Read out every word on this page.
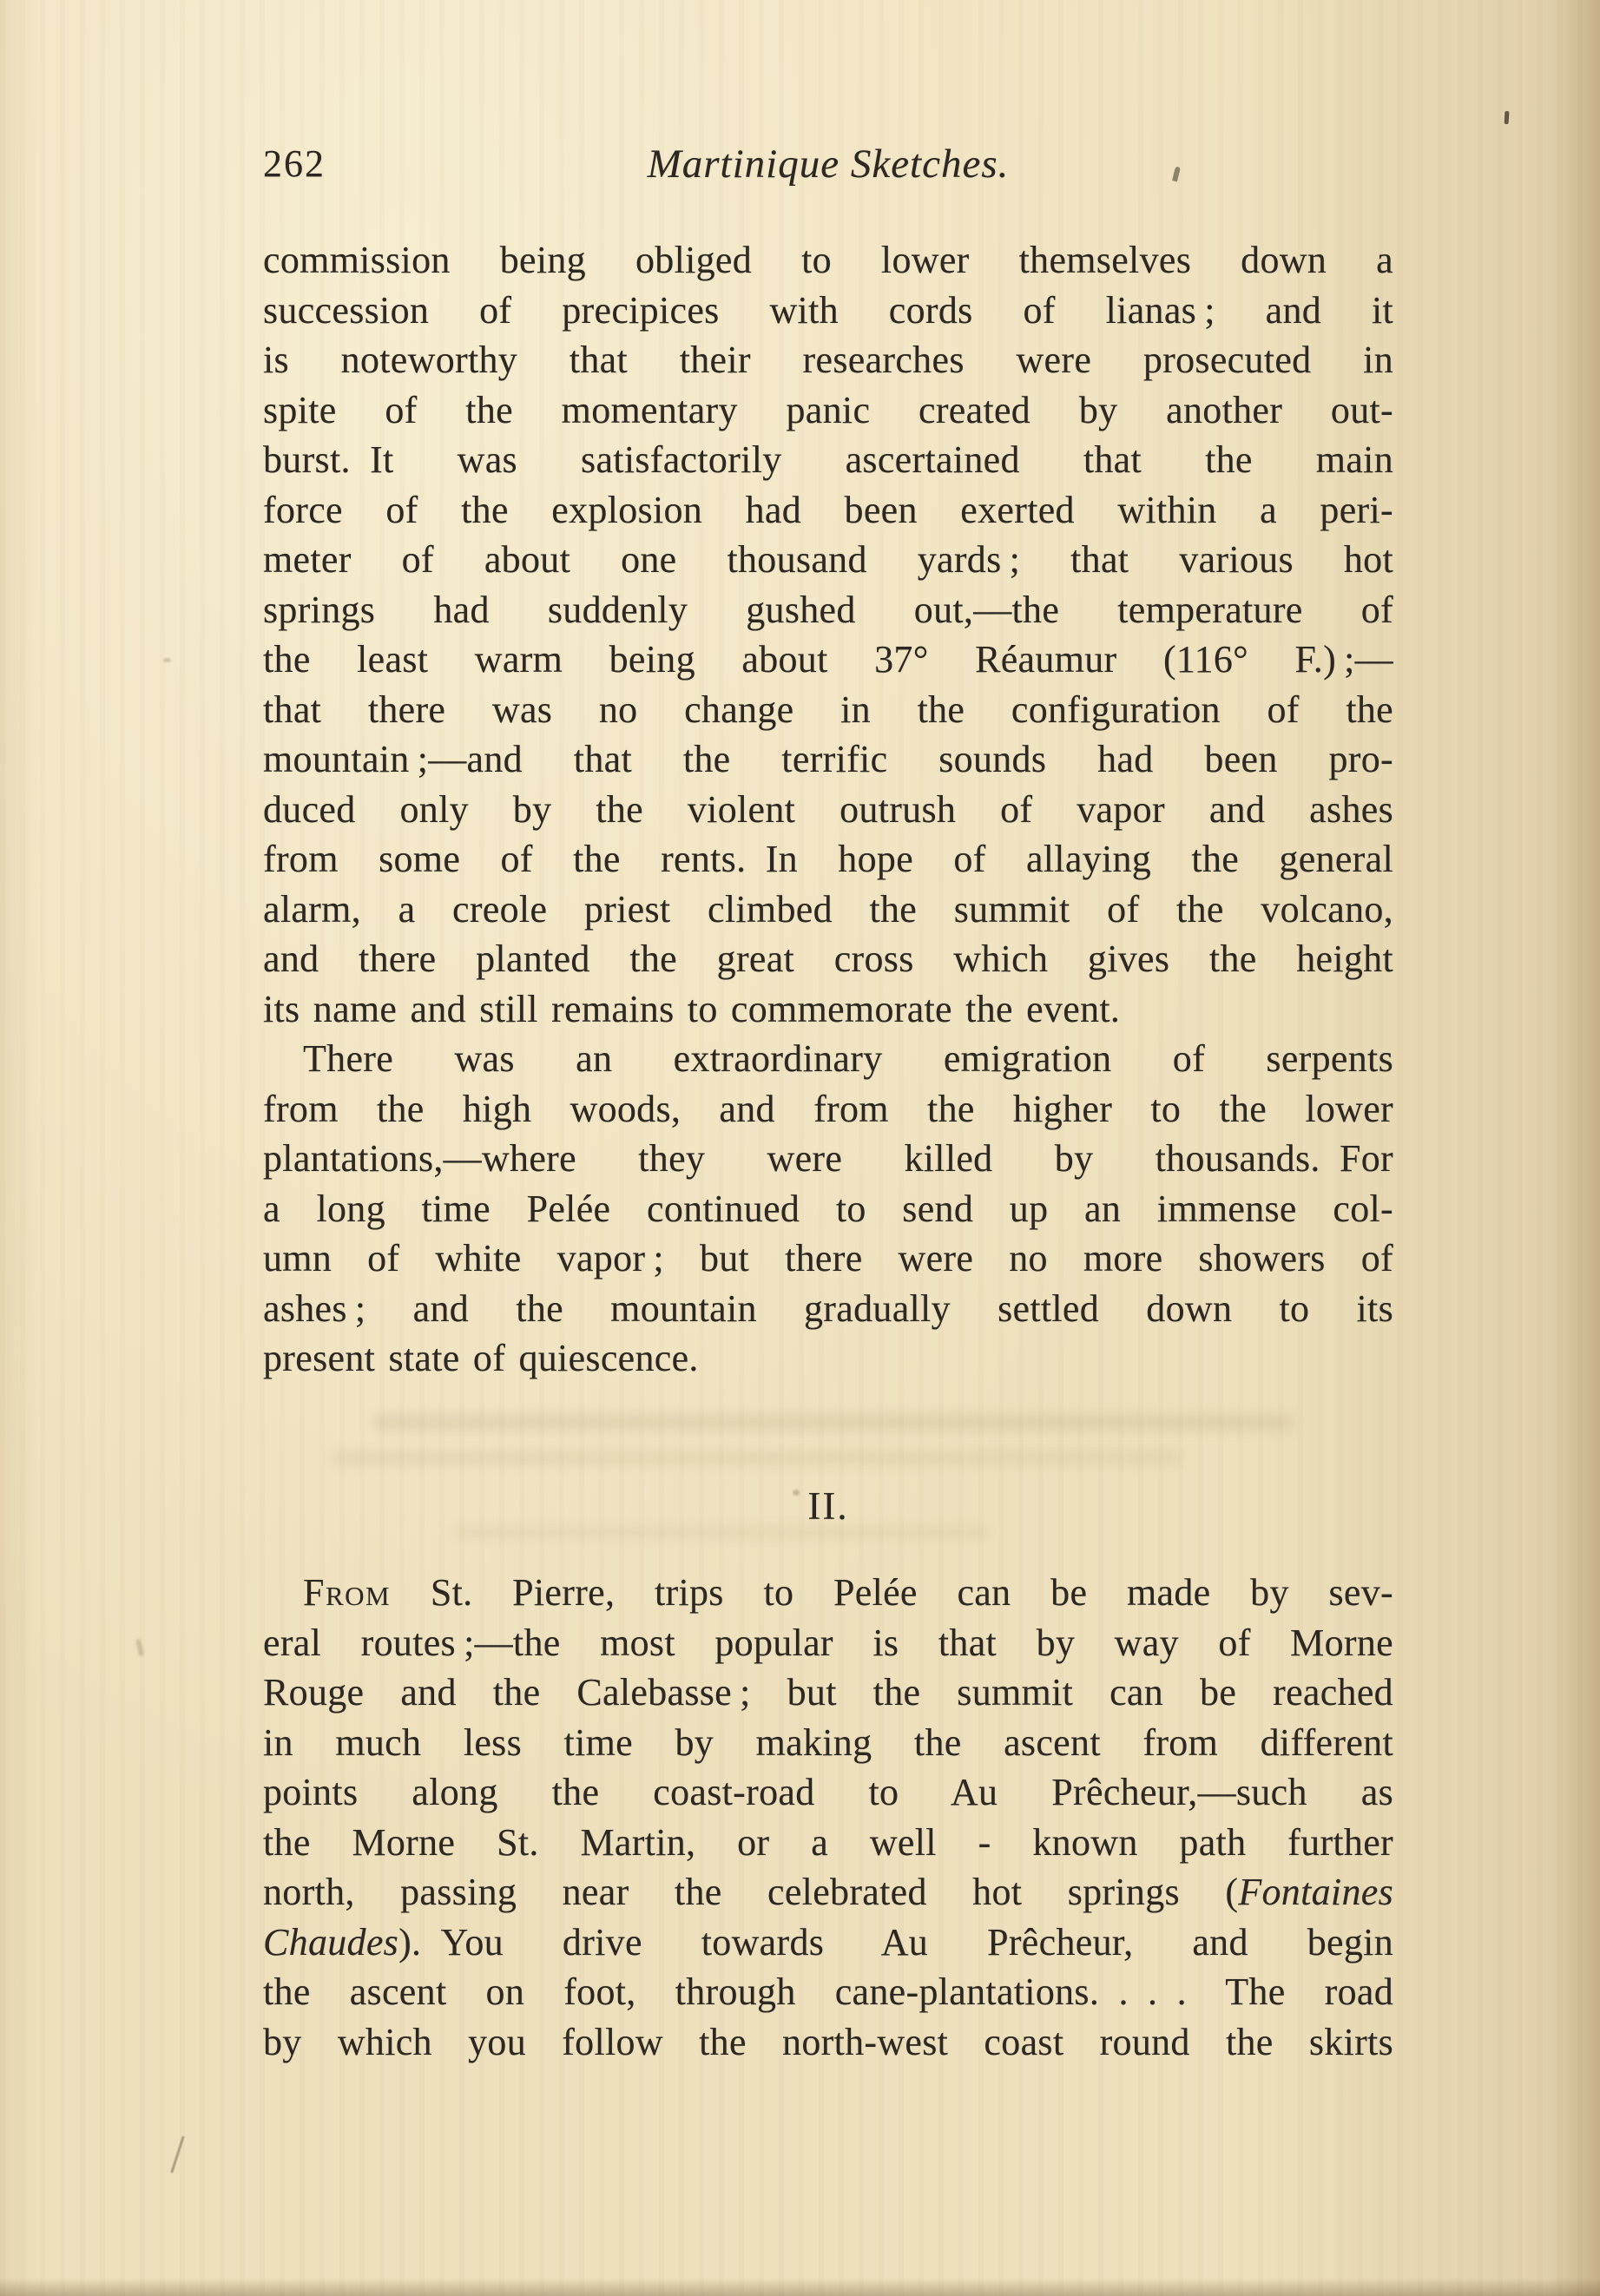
262	Martinique Sketches.
commission being obliged to lower themselves down a
succession of precipices with cords of lianas ; and it
is noteworthy that their researches were prosecuted in
spite of the momentary panic created by another out-
burst. It was satisfactorily ascertained that the main
force of the explosion had been exerted within a peri-
meter of about one thousand yards ; that various hot
springs had suddenly gushed out,—the temperature of
the least warm being about 37° Réaumur (116° F.) ;—
that there was no change in the configuration of the
mountain ;—and that the terrific sounds had been pro-
duced only by the violent outrush of vapor and ashes
from some of the rents. In hope of allaying the general
alarm, a creole priest climbed the summit of the volcano,
and there planted the great cross which gives the height
its name and still remains to commemorate the event.
There was an extraordinary emigration of serpents
from the high woods, and from the higher to the lower
plantations,—where they were killed by thousands. For
a long time Pelée continued to send up an immense col-
umn of white vapor ; but there were no more showers of
ashes ; and the mountain gradually settled down to its
present state of quiescence.
II.
From St. Pierre, trips to Pelée can be made by sev-
eral routes ;—the most popular is that by way of Morne
Rouge and the Calebasse ; but the summit can be reached
in much less time by making the ascent from different
points along the coast-road to Au Prêcheur,—such as
the Morne St. Martin, or a well - known path further
north, passing near the celebrated hot springs (Fontaines
Chaudes). You drive towards Au Prêcheur, and begin
the ascent on foot, through cane-plantations. . . . The road
by which you follow the north-west coast round the skirts
